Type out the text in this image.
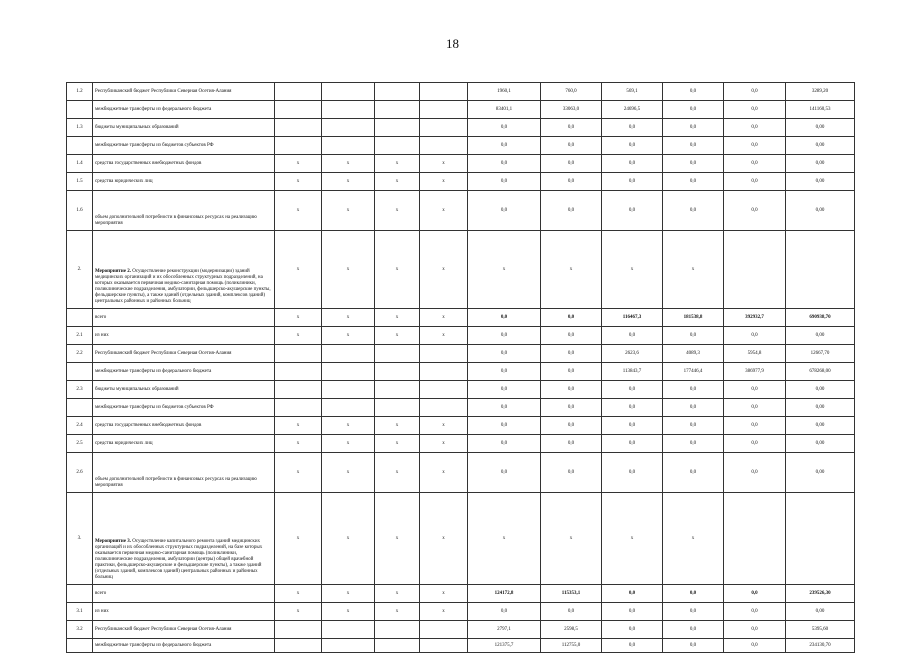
18
1.2	Республиканский бюджет Республики Северная Осетия-Алания					1960,1	760,0	569,1	0,0	0,0	3289,20
	межбюджетные трансферты из федерального бюджета					83401,1	33063,0	24696,5	0,0	0,0	141160,53
1.3	бюджеты муниципальных образований					0,0	0,0	0,0	0,0	0,0	0,00
	межбюджетные трансферты из бюджетов субъектов РФ					0,0	0,0	0,0	0,0	0,0	0,00
1.4	средства государственных внебюджетных фондов	х	х	х	х	0,0	0,0	0,0	0,0	0,0	0,00
1.5	средства юридических лиц	х	х	х	х	0,0	0,0	0,0	0,0	0,0	0,00
1.6	объем дополнительной потребности в финансовых ресурсах на реализацию мероприятия	х	х	х	х	0,0	0,0	0,0	0,0	0,0	0,00
2.	Мероприятие 2. Осуществление реконструкции (модернизации) зданий медицинских организаций и их обособленных структурных подразделений, на которых оказывается первичная медико-санитарная помощь (поликлиники, поликлинические подразделения, амбулатории, фельдшерско-акушерские пункты, фельдшерские пункты), а также зданий (отдельных зданий, комплексов зданий) центральных районных и районных больниц	х	х	х	х	х	х	х	х		
	всего	х	х	х	х	0,0	0,0	116467,3	181538,8	392932,7	690938,70
2.1	из них	х	х	х	х	0,0	0,0	0,0	0,0	0,0	0,00
2.2	Республиканский бюджет Республики Северная Осетия-Алания					0,0	0,0	2623,6	4089,3	5954,8	12667,70
	межбюджетные трансферты из федерального бюджета					0,0	0,0	113843,7	177446,4	386977,9	678268,00
2.3	бюджеты муниципальных образований					0,0	0,0	0,0	0,0	0,0	0,00
	межбюджетные трансферты из бюджетов субъектов РФ					0,0	0,0	0,0	0,0	0,0	0,00
2.4	средства государственных внебюджетных фондов	х	х	х	х	0,0	0,0	0,0	0,0	0,0	0,00
2.5	средства юридических лиц	х	х	х	х	0,0	0,0	0,0	0,0	0,0	0,00
2.6	объем дополнительной потребности в финансовых ресурсах на реализацию мероприятия	х	х	х	х	0,0	0,0	0,0	0,0	0,0	0,00
3.	Мероприятие 3. Осуществление капитального ремонта зданий медицинских организаций и их обособленных структурных подразделений, на базе которых оказывается первичная медико-санитарная помощь (поликлиники, поликлинические подразделения, амбулатории (центры) общей врачебной практики, фельдшерско-акушерские и фельдшерские пункты), а также зданий (отдельных зданий, комплексов зданий) центральных районных и районных больниц	х	х	х	х	х	х	х	х		
	всего	х	х	х	х	124172,8	115353,1	0,0	0,0	0,0	239526,30
3.1	из них	х	х	х	х	0,0	0,0	0,0	0,0	0,0	0,00
3.2	Республиканский бюджет Республики Северная Осетия-Алания					2797,1	2598,5	0,0	0,0	0,0	5395,60
	межбюджетные трансферты из федерального бюджета					121375,7	112755,0	0,0	0,0	0,0	234130,70
